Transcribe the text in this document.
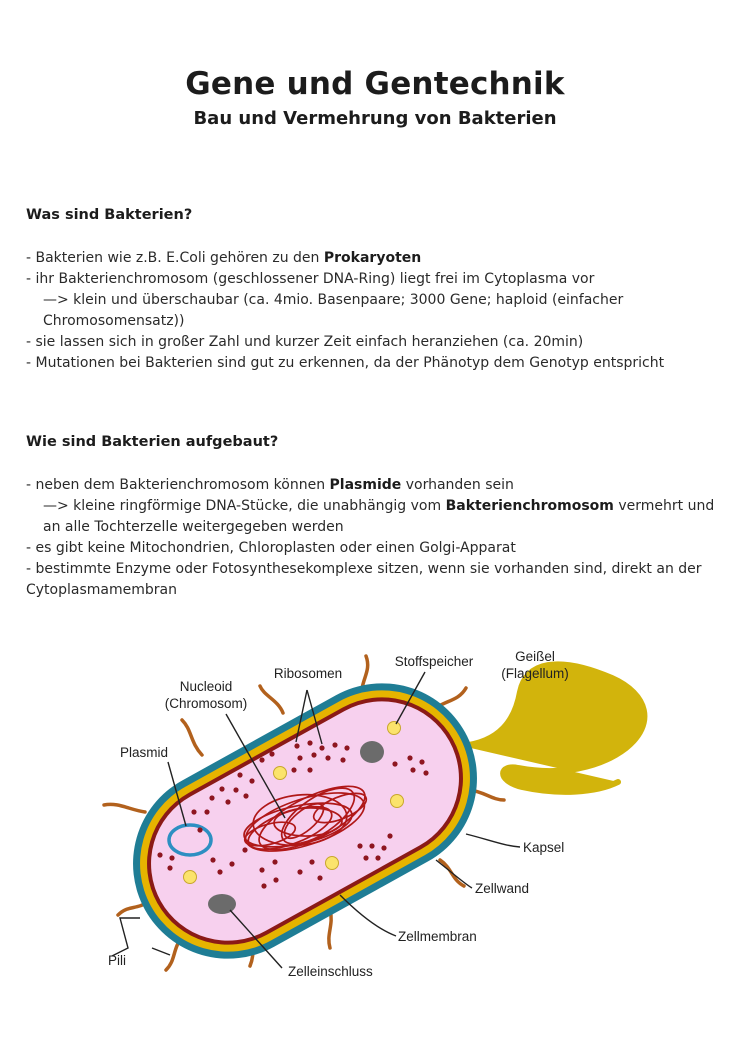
Gene und Gentechnik
Bau und Vermehrung von Bakterien
Was sind Bakterien?
- Bakterien wie z.B. E.Coli gehören zu den Prokaryoten
- ihr Bakterienchromosom (geschlossener DNA-Ring) liegt frei im Cytoplasma vor
—> klein und überschaubar (ca. 4mio. Basenpaare; 3000 Gene; haploid (einfacher Chromosomensatz))
- sie lassen sich in großer Zahl und kurzer Zeit einfach heranziehen (ca. 20min)
- Mutationen bei Bakterien sind gut zu erkennen, da der Phänotyp dem Genotyp entspricht
Wie sind Bakterien aufgebaut?
- neben dem Bakterienchromosom können Plasmide vorhanden sein
—> kleine ringförmige DNA-Stücke, die unabhängig vom Bakterienchromosom vermehrt und an alle Tochterzelle weitergegeben werden
- es gibt keine Mitochondrien, Chloroplasten oder einen Golgi-Apparat
- bestimmte Enzyme oder Fotosynthesekomplexe sitzen, wenn sie vorhanden sind, direkt an der Cytoplasmamembran
Nucleoid
(Chromosom)
Ribosomen
Stoffspeicher	Geißel
(Flagellum)
Plasmid
Kapsel
Zellwand
Zellmembran
Pili
Zelleinschluss
